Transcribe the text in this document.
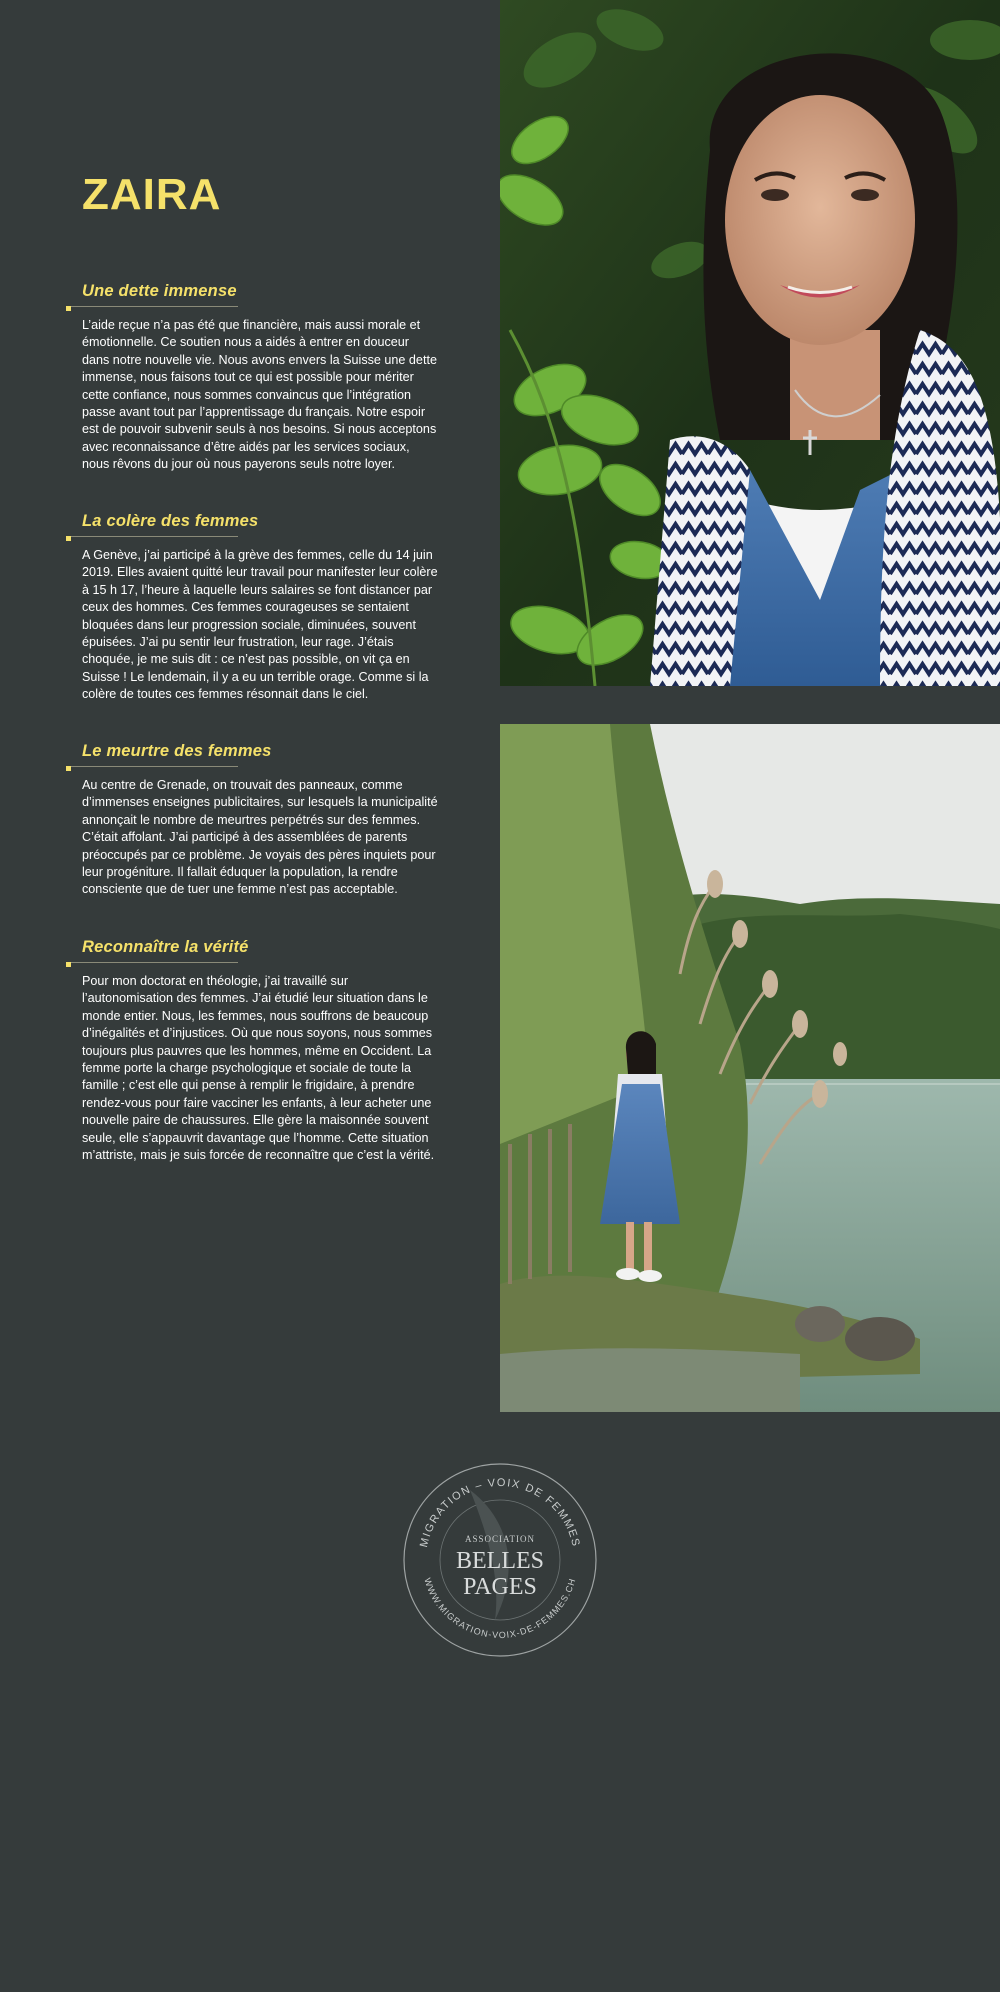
ZAIRA
Une dette immense

L’aide reçue n’a pas été que financière, mais aussi morale et émotionnelle. Ce soutien nous a aidés à entrer en douceur dans notre nouvelle vie. Nous avons envers la Suisse une dette immense, nous faisons tout ce qui est possible pour mériter cette confiance, nous sommes convaincus que l’intégration passe avant tout par l’apprentissage du français. Notre espoir est de pouvoir subvenir seuls à nos besoins. Si nous acceptons avec reconnaissance d’être aidés par les services sociaux, nous rêvons du jour où nous payerons seuls notre loyer.

La colère des femmes

A Genève, j’ai participé à la grève des femmes, celle du 14 juin 2019. Elles avaient quitté leur travail pour manifester leur colère à 15 h 17, l’heure à laquelle leurs salaires se font distancer par ceux des hommes. Ces femmes courageuses se sentaient bloquées dans leur progression sociale, diminuées, souvent épuisées. J’ai pu sentir leur frustration, leur rage. J’étais choquée, je me suis dit : ce n’est pas possible, on vit ça en Suisse ! Le lendemain, il y a eu un terrible orage. Comme si la colère de toutes ces femmes résonnait dans le ciel.

Le meurtre des femmes

Au centre de Grenade, on trouvait des panneaux, comme d’immenses enseignes publicitaires, sur lesquels la municipalité annonçait le nombre de meurtres perpétrés sur des femmes. C’était affolant. J’ai participé à des assemblées de parents préoccupés par ce problème. Je voyais des pères inquiets pour leur progéniture. Il fallait éduquer la population, la rendre consciente que de tuer une femme n’est pas acceptable.

Reconnaître la vérité

Pour mon doctorat en théologie, j’ai travaillé sur l’autonomisation des femmes. J’ai étudié leur situation dans le monde entier. Nous, les femmes, nous souffrons de beaucoup d’inégalités et d’injustices. Où que nous soyons, nous sommes toujours plus pauvres que les hommes, même en Occident. La femme porte la charge psychologique et sociale de toute la famille ; c’est elle qui pense à remplir le frigidaire, à prendre rendez-vous pour faire vacciner les enfants, à leur acheter une nouvelle paire de chaussures. Elle gère la maisonnée souvent seule, elle s’appauvrit davantage que l’homme. Cette situation m’attriste, mais je suis forcée de reconnaître que c’est la vérité.

MIGRATION – VOIX DE FEMMES
WWW.MIGRATION-VOIX-DE-FEMMES.CH
ASSOCIATION
BELLES
PAGES
